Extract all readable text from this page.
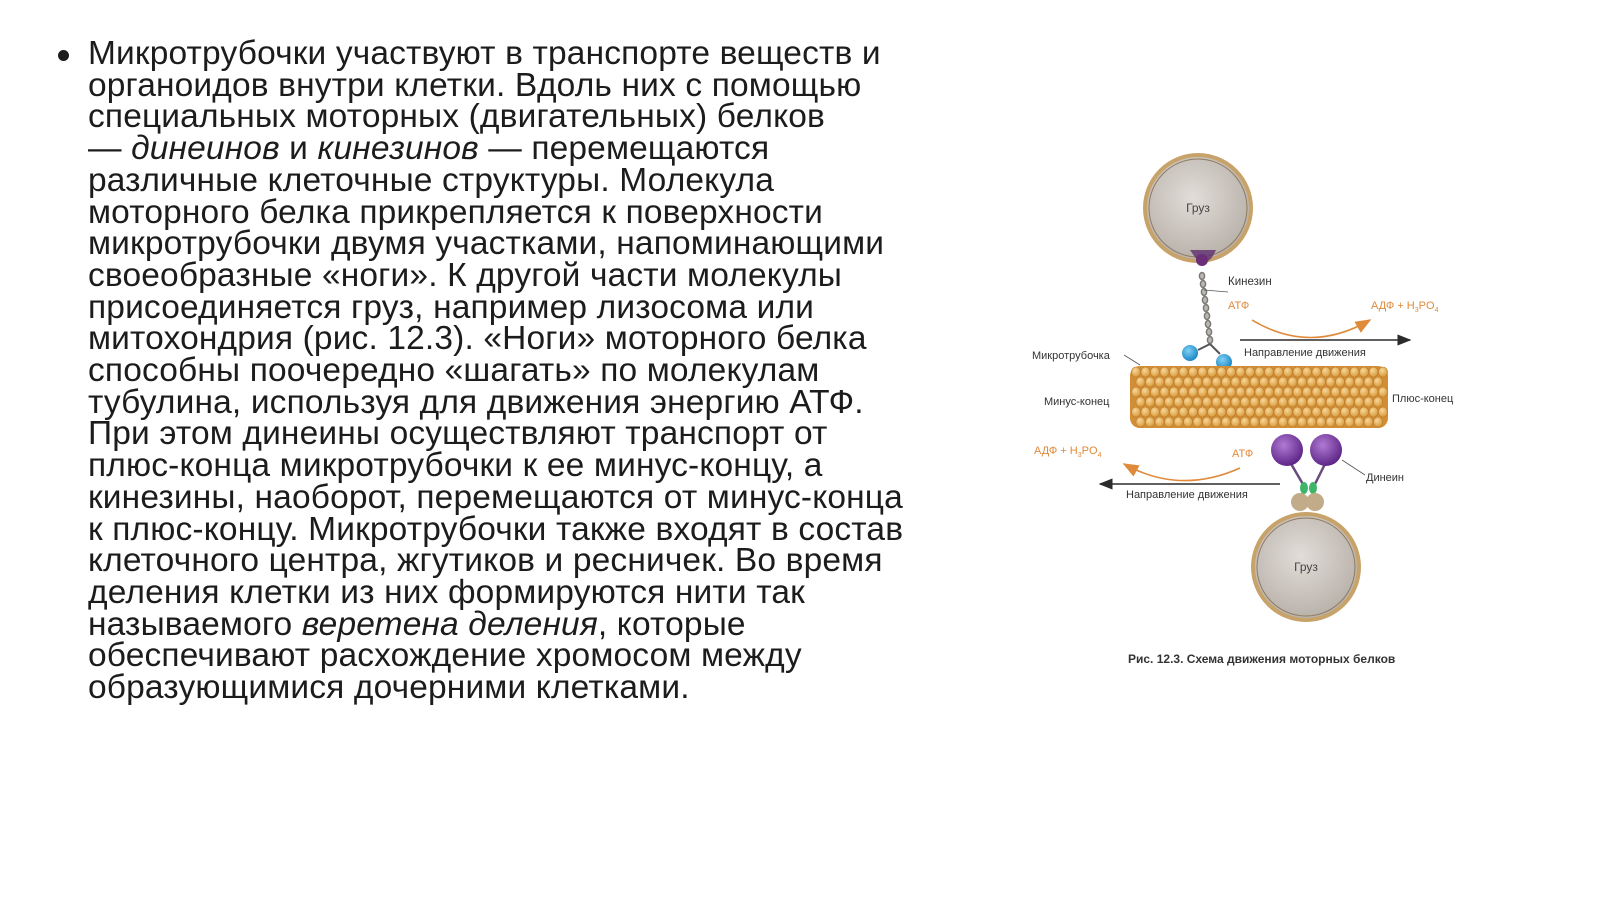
Микротрубочки участвуют в транспорте веществ и
органоидов внутри клетки. Вдоль них с помощью
специальных моторных (двигательных) белков
— динеинов и кинезинов — перемещаются
различные клеточные структуры. Молекула
моторного белка прикрепляется к поверхности
микротрубочки двумя участками, напоминающими
своеобразные «ноги». К другой части молекулы
присоединяется груз, например лизосома или
митохондрия (рис. 12.3). «Ноги» моторного белка
способны поочередно «шагать» по молекулам
тубулина, используя для движения энергию АТФ.
При этом динеины осуществляют транспорт от
плюс-конца микротрубочки к ее минус-концу, а
кинезины, наоборот, перемещаются от минус-конца
к плюс-концу. Микротрубочки также входят в состав
клеточного центра, жгутиков и ресничек. Во время
деления клетки из них формируются нити так
называемого веретена деления, которые
обеспечивают расхождение хромосом между
образующимися дочерними клетками.
Груз
Кинезин
АТФ	АДФ + $Н_3PO_4$
Направление движения
Микротрубочка
Минус-конец	Плюс-конец
Динеин
АДФ + $Н_3PO_4$	АТФ
Направление движения
Груз
Рис. 12.3. Схема движения моторных белков
